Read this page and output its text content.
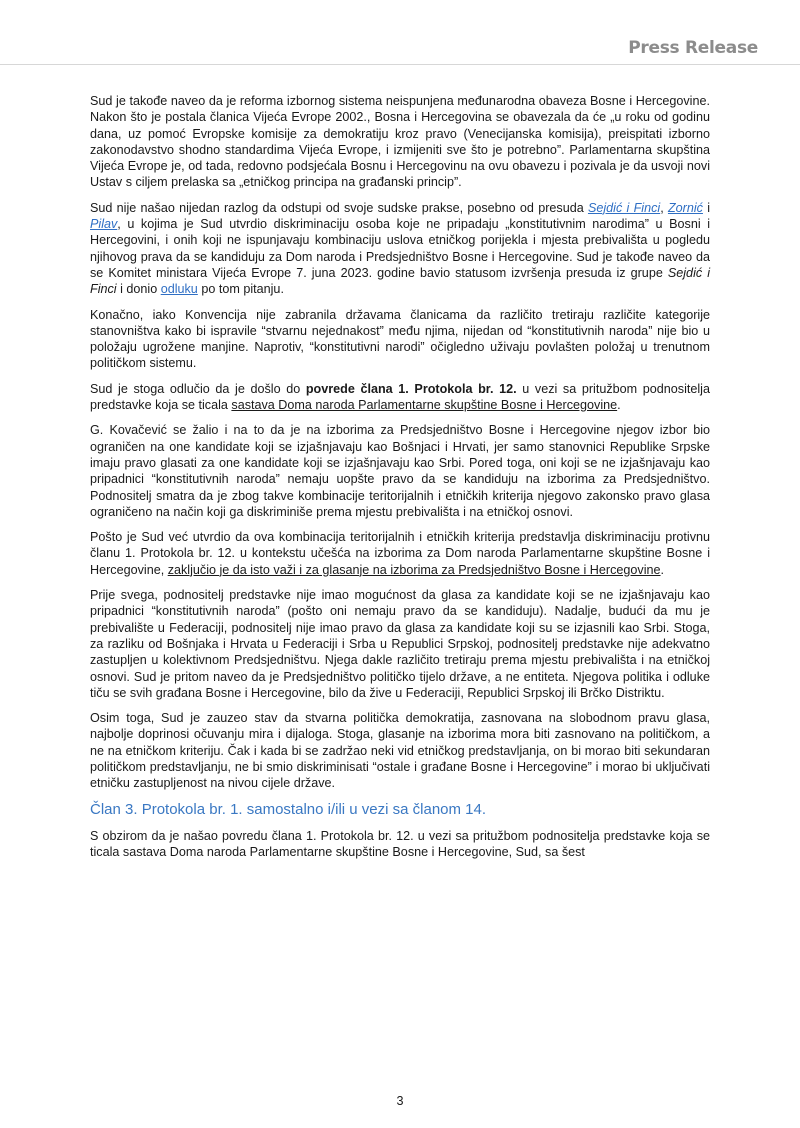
Press Release

Sud je takođe naveo da je reforma izbornog sistema neispunjena međunarodna obaveza Bosne i Hercegovine. Nakon što je postala članica Vijeća Evrope 2002., Bosna i Hercegovina se obavezala da će „u roku od godinu dana, uz pomoć Evropske komisije za demokratiju kroz pravo (Venecijanska komisija), preispitati izborno zakonodavstvo shodno standardima Vijeća Evrope, i izmijeniti sve što je potrebno”. Parlamentarna skupština Vijeća Evrope je, od tada, redovno podsjećala Bosnu i Hercegovinu na ovu obavezu i pozivala je da usvoji novi Ustav s ciljem prelaska sa „etničkog principa na građanski princip”.

Sud nije našao nijedan razlog da odstupi od svoje sudske prakse, posebno od presuda Sejdić i Finci, Zornić i Pilav, u kojima je Sud utvrdio diskriminaciju osoba koje ne pripadaju „konstitutivnim narodima” u Bosni i Hercegovini, i onih koji ne ispunjavaju kombinaciju uslova etničkog porijekla i mjesta prebivališta u pogledu njihovog prava da se kandiduju za Dom naroda i Predsjedništvo Bosne i Hercegovine. Sud je takođe naveo da se Komitet ministara Vijeća Evrope 7. juna 2023. godine bavio statusom izvršenja presuda iz grupe Sejdić i Finci i donio odluku po tom pitanju.

Konačno, iako Konvencija nije zabranila državama članicama da različito tretiraju različite kategorije stanovništva kako bi ispravile “stvarnu nejednakost” među njima, nijedan od “konstitutivnih naroda” nije bio u položaju ugrožene manjine. Naprotiv, “konstitutivni narodi” očigledno uživaju povlašten položaj u trenutnom političkom sistemu.

Sud je stoga odlučio da je došlo do povrede člana 1. Protokola br. 12. u vezi sa pritužbom podnositelja predstavke koja se ticala sastava Doma naroda Parlamentarne skupštine Bosne i Hercegovine.

G. Kovačević se žalio i na to da je na izborima za Predsjedništvo Bosne i Hercegovine njegov izbor bio ograničen na one kandidate koji se izjašnjavaju kao Bošnjaci i Hrvati, jer samo stanovnici Republike Srpske imaju pravo glasati za one kandidate koji se izjašnjavaju kao Srbi. Pored toga, oni koji se ne izjašnjavaju kao pripadnici “konstitutivnih naroda” nemaju uopšte pravo da se kandiduju na izborima za Predsjedništvo. Podnositelj smatra da je zbog takve kombinacije teritorijalnih i etničkih kriterija njegovo zakonsko pravo glasa ograničeno na način koji ga diskriminiše prema mjestu prebivališta i na etničkoj osnovi.

Pošto je Sud već utvrdio da ova kombinacija teritorijalnih i etničkih kriterija predstavlja diskriminaciju protivnu članu 1. Protokola br. 12. u kontekstu učešća na izborima za Dom naroda Parlamentarne skupštine Bosne i Hercegovine, zaključio je da isto važi i za glasanje na izborima za Predsjedništvo Bosne i Hercegovine.

Prije svega, podnositelj predstavke nije imao mogućnost da glasa za kandidate koji se ne izjašnjavaju kao pripadnici “konstitutivnih naroda” (pošto oni nemaju pravo da se kandiduju). Nadalje, budući da mu je prebivalište u Federaciji, podnositelj nije imao pravo da glasa za kandidate koji su se izjasnili kao Srbi. Stoga, za razliku od Bošnjaka i Hrvata u Federaciji i Srba u Republici Srpskoj, podnositelj predstavke nije adekvatno zastupljen u kolektivnom Predsjedništvu. Njega dakle različito tretiraju prema mjestu prebivališta i na etničkoj osnovi. Sud je pritom naveo da je Predsjedništvo političko tijelo države, a ne entiteta. Njegova politika i odluke tiču se svih građana Bosne i Hercegovine, bilo da žive u Federaciji, Republici Srpskoj ili Brčko Distriktu.

Osim toga, Sud je zauzeo stav da stvarna politička demokratija, zasnovana na slobodnom pravu glasa, najbolje doprinosi očuvanju mira i dijaloga. Stoga, glasanje na izborima mora biti zasnovano na političkom, a ne na etničkom kriteriju. Čak i kada bi se zadržao neki vid etničkog predstavljanja, on bi morao biti sekundaran političkom predstavljanju, ne bi smio diskriminisati “ostale i građane Bosne i Hercegovine” i morao bi uključivati etničku zastupljenost na nivou cijele države.

Član 3. Protokola br. 1. samostalno i/ili u vezi sa članom 14.

S obzirom da je našao povredu člana 1. Protokola br. 12. u vezi sa pritužbom podnositelja predstavke koja se ticala sastava Doma naroda Parlamentarne skupštine Bosne i Hercegovine, Sud, sa šest

3
